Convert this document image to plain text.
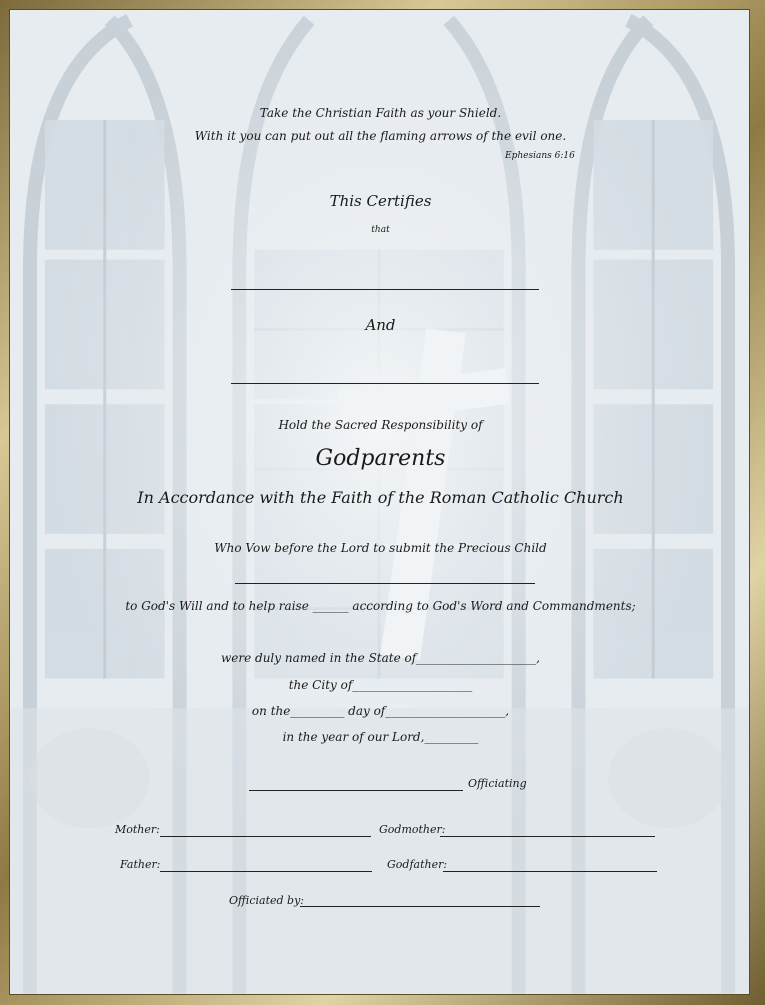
Take the Christian Faith as your Shield.
With it you can put out all the flaming arrows of the evil one.
Ephesians 6:16
This Certifies
that
And
Hold the Sacred Responsibility of
Godparents
In Accordance with the Faith of the Roman Catholic Church
Who Vow before the Lord to submit the Precious Child
to God's Will and to help raise ______ according to God's Word and Commandments;
were duly named in the State of____________________,
the City of____________________
on the_________ day of____________________,
in the year of our Lord,_________
Officiating
Mother:	Godmother:
Father:	Godfather:
Officiated by:
